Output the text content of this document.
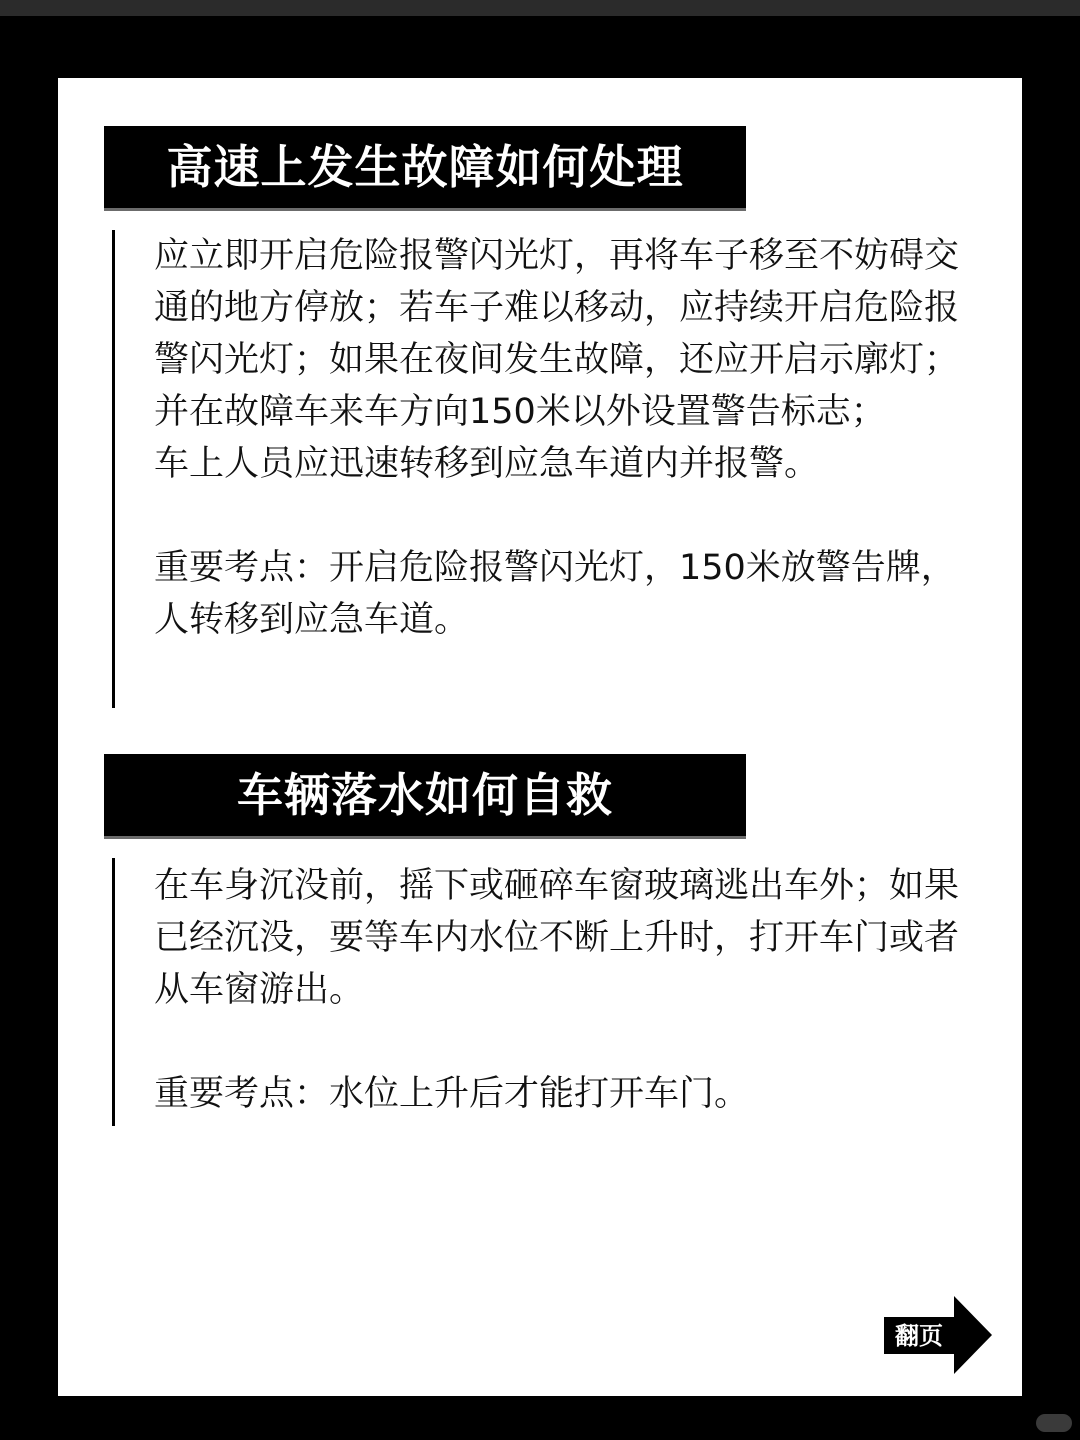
高速上发生故障如何处理

应立即开启危险报警闪光灯，再将车子移至不妨碍交通的地方停放；若车子难以移动，应持续开启危险报警闪光灯；如果在夜间发生故障，还应开启示廓灯；

并在故障车来车方向150米以外设置警告标志；

车上人员应迅速转移到应急车道内并报警。

重要考点：开启危险报警闪光灯，150米放警告牌，人转移到应急车道。

车辆落水如何自救

在车身沉没前，摇下或砸碎车窗玻璃逃出车外；如果已经沉没，要等车内水位不断上升时，打开车门或者从车窗游出。

重要考点：水位上升后才能打开车门。

翻页
